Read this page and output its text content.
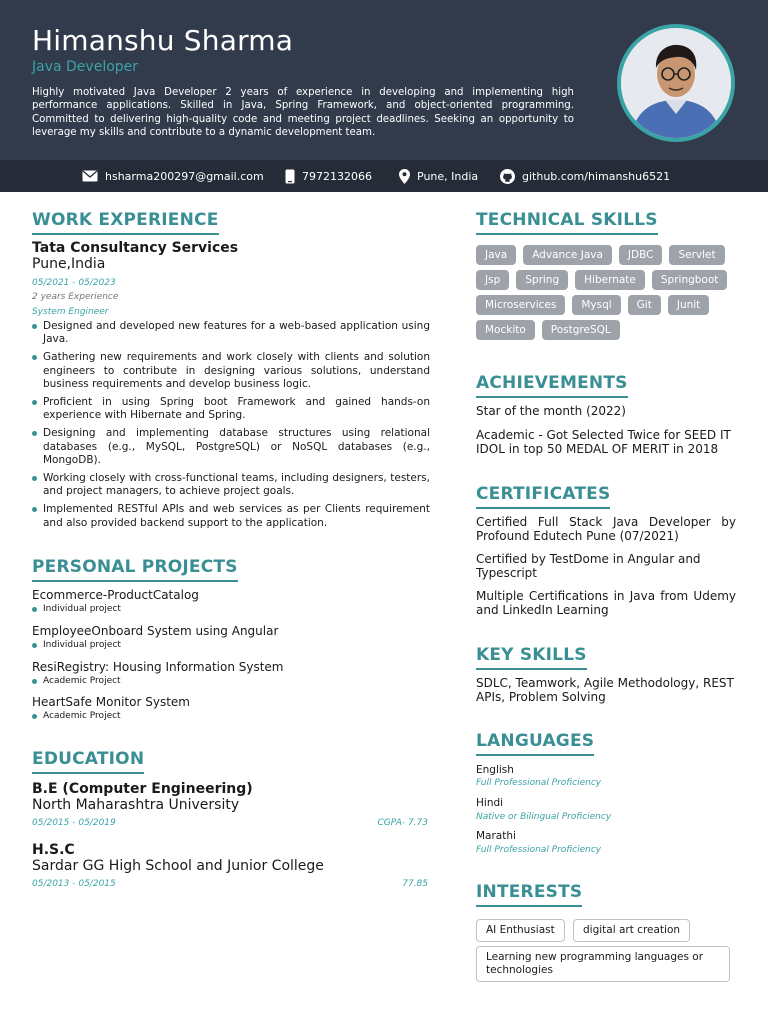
Himanshu Sharma
Java Developer
Highly motivated Java Developer 2 years of experience in developing and implementing high performance applications. Skilled in Java, Spring Framework, and object-oriented programming. Committed to delivering high-quality code and meeting project deadlines. Seeking an opportunity to leverage my skills and contribute to a dynamic development team.
hsharma200297@gmail.com	7972132066	Pune, India	github.com/himanshu6521
WORK EXPERIENCE
Tata Consultancy Services
Pune,India
05/2021 - 05/2023
2 years Experience
System Engineer
Designed and developed new features for a web-based application using Java.
Gathering new requirements and work closely with clients and solution engineers to contribute in designing various solutions, understand business requirements and develop business logic.
Proficient in using Spring boot Framework and gained hands-on experience with Hibernate and Spring.
Designing and implementing database structures using relational databases (e.g., MySQL, PostgreSQL) or NoSQL databases (e.g., MongoDB).
Working closely with cross-functional teams, including designers, testers, and project managers, to achieve project goals.
Implemented RESTful APIs and web services as per Clients requirement and also provided backend support to the application.
PERSONAL PROJECTS
Ecommerce-ProductCatalog
Individual project
EmployeeOnboard System using Angular
Individual project
ResiRegistry: Housing Information System
Academic Project
HeartSafe Monitor System
Academic Project
EDUCATION
B.E (Computer Engineering)
North Maharashtra University
05/2015 - 05/2019	CGPA- 7.73
H.S.C
Sardar GG High School and Junior College
05/2013 - 05/2015	77.85
TECHNICAL SKILLS
Java	Advance Java	JDBC	Servlet
Jsp	Spring	Hibernate	Springboot
Microservices	Mysql	Git	Junit
Mockito	PostgreSQL
ACHIEVEMENTS
Star of the month (2022)
Academic - Got Selected Twice for SEED IT IDOL in top 50 MEDAL OF MERIT in 2018
CERTIFICATES
Certified Full Stack Java Developer by Profound Edutech Pune (07/2021)
Certified by TestDome in Angular and Typescript
Multiple Certifications in Java from Udemy and LinkedIn Learning
KEY SKILLS
SDLC, Teamwork, Agile Methodology, REST APIs, Problem Solving
LANGUAGES
English
Full Professional Proficiency
Hindi
Native or Bilingual Proficiency
Marathi
Full Professional Proficiency
INTERESTS
AI Enthusiast	digital art creation
Learning new programming languages or technologies
